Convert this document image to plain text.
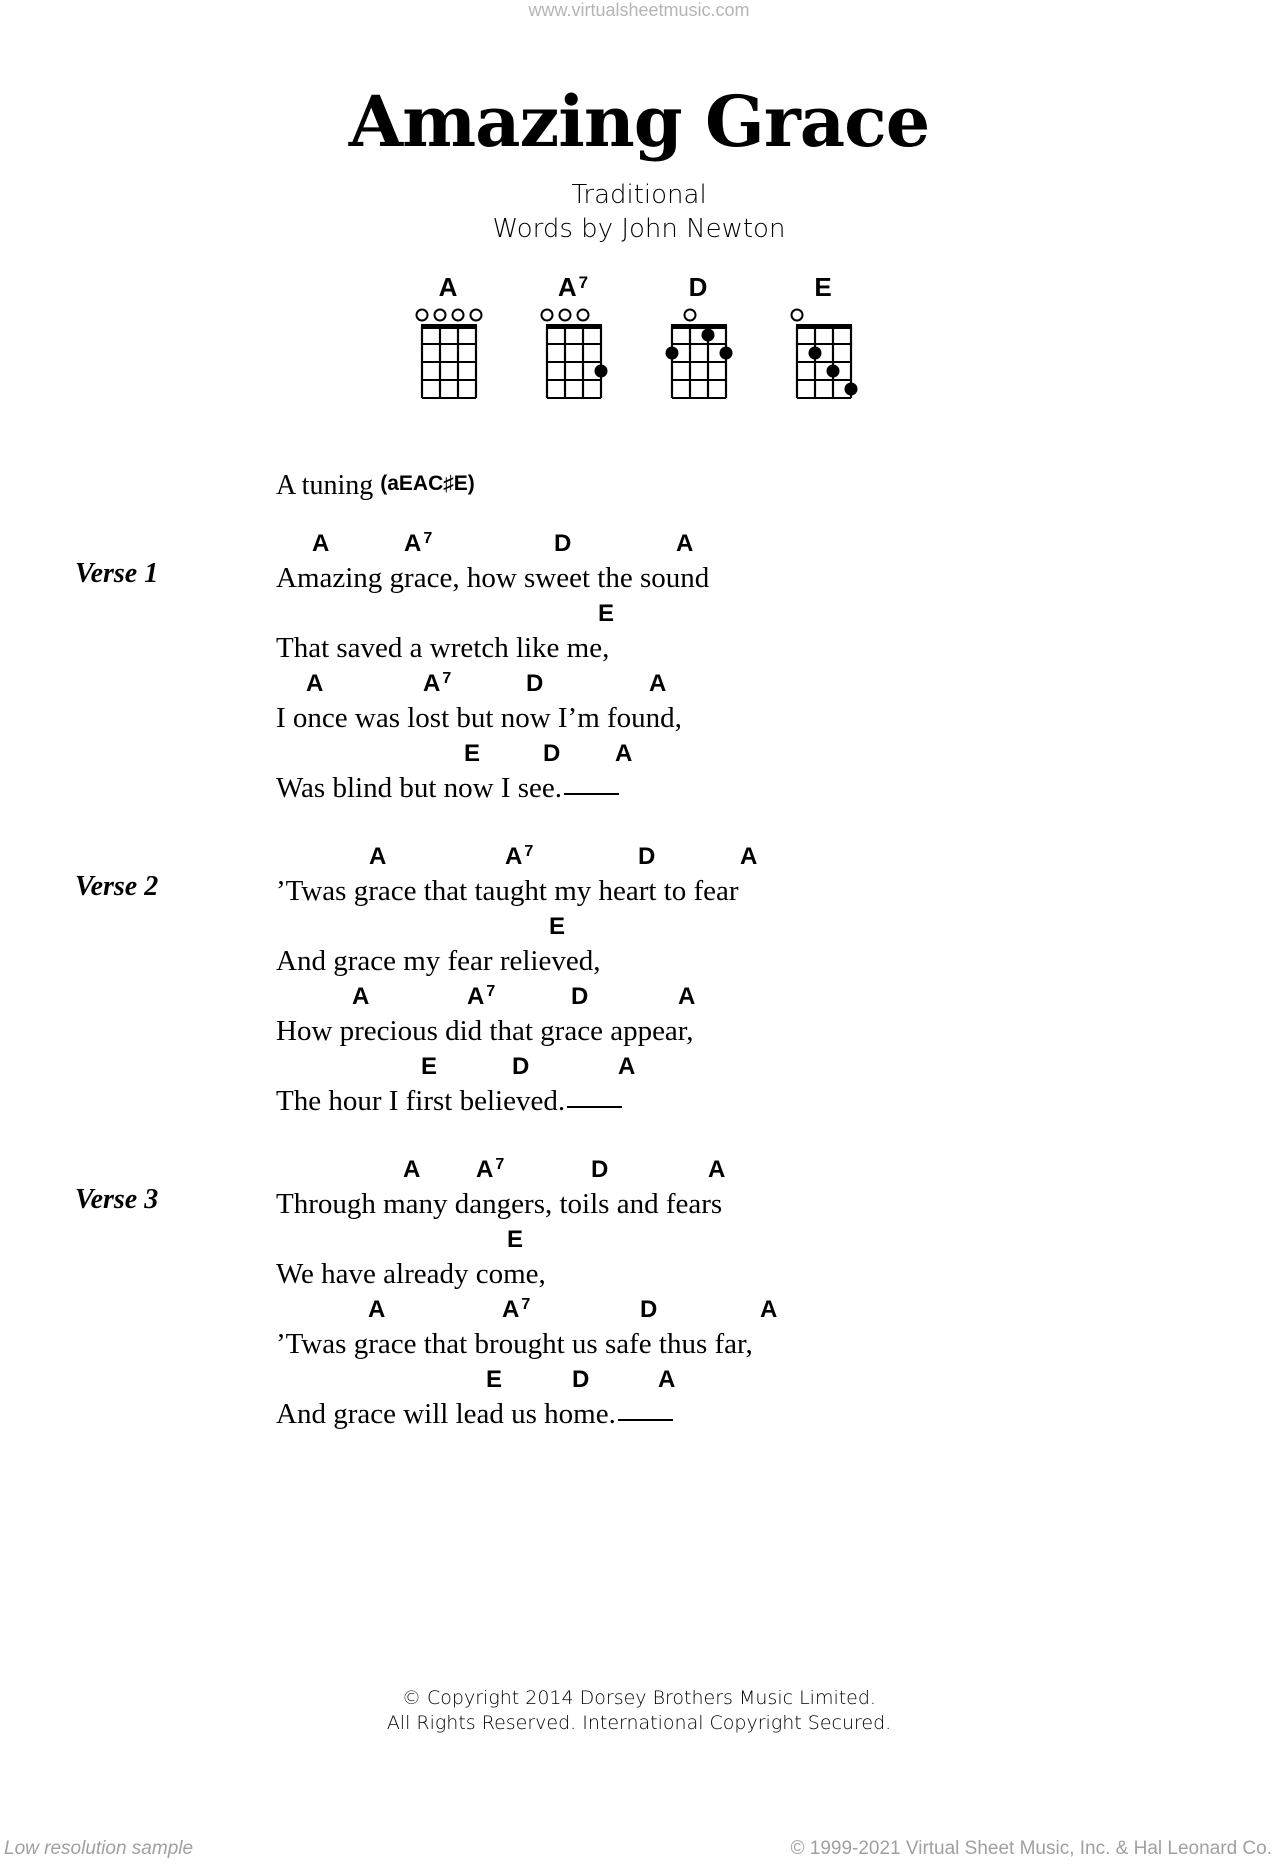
www.virtualsheetmusic.com
Amazing Grace
Traditional
Words by John Newton
A	A $^7$	D	E
A tuning (aEAC♯E)
Verse 1
Verse 2
Verse 3
A	A $^7$	D	A
Amazing grace, how sweet the sound
E
That saved a wretch like me,
A	A $^7$	D	A
I once was lost but now I’m found,
E	D A
Was blind but now I see.
A	A $^7$	D	A
’Twas grace that taught my heart to fear
E
And grace my fear relieved,
A	A $^7$	D	A
How precious did that grace appear,
E	D	A
The hour I first believed.
A A $^7$	D	A
Through many dangers, toils and fears
E
We have already come,
A	A $^7$	D	A
’Twas grace that brought us safe thus far,
E	D	A
And grace will lead us home.
© Copyright 2014 Dorsey Brothers Music Limited.
All Rights Reserved. International Copyright Secured.
Low resolution sample	© 1999-2021 Virtual Sheet Music, Inc. & Hal Leonard Co.
